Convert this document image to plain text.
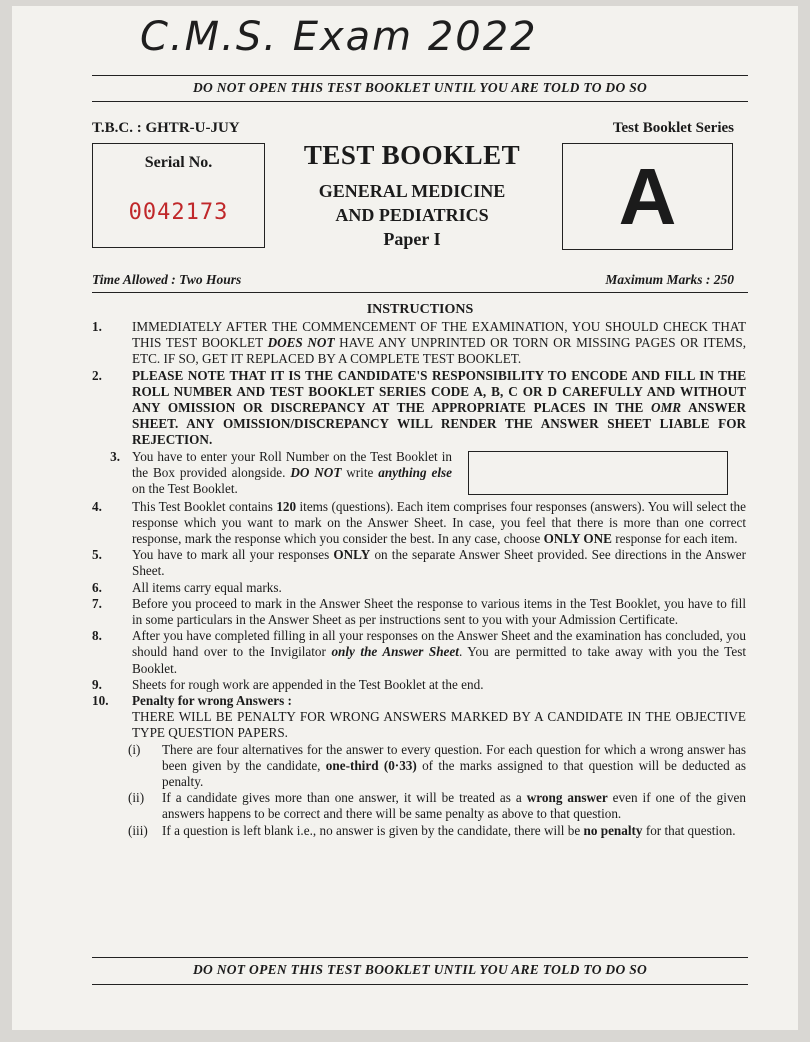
C.M.S. Exam 2022
DO NOT OPEN THIS TEST BOOKLET UNTIL YOU ARE TOLD TO DO SO
T.B.C. : GHTR-U-JUY	Test Booklet Series
Serial No.
0042173
TEST BOOKLET
GENERAL MEDICINE
AND PEDIATRICS
Paper I	A
Time Allowed : Two Hours	Maximum Marks : 250
INSTRUCTIONS
1.	IMMEDIATELY AFTER THE COMMENCEMENT OF THE EXAMINATION, YOU SHOULD CHECK THAT THIS TEST BOOKLET DOES NOT HAVE ANY UNPRINTED OR TORN OR MISSING PAGES OR ITEMS, ETC. IF SO, GET IT REPLACED BY A COMPLETE TEST BOOKLET.
2.	PLEASE NOTE THAT IT IS THE CANDIDATE'S RESPONSIBILITY TO ENCODE AND FILL IN THE ROLL NUMBER AND TEST BOOKLET SERIES CODE A, B, C OR D CAREFULLY AND WITHOUT ANY OMISSION OR DISCREPANCY AT THE APPROPRIATE PLACES IN THE OMR ANSWER SHEET. ANY OMISSION/DISCREPANCY WILL RENDER THE ANSWER SHEET LIABLE FOR REJECTION.
3. You have to enter your Roll Number on the Test Booklet in the Box provided alongside. DO NOT write anything else on the Test Booklet.
4.	This Test Booklet contains 120 items (questions). Each item comprises four responses (answers). You will select the response which you want to mark on the Answer Sheet. In case, you feel that there is more than one correct response, mark the response which you consider the best. In any case, choose ONLY ONE response for each item.
5.	You have to mark all your responses ONLY on the separate Answer Sheet provided. See directions in the Answer Sheet.
6.	All items carry equal marks.
7.	Before you proceed to mark in the Answer Sheet the response to various items in the Test Booklet, you have to fill in some particulars in the Answer Sheet as per instructions sent to you with your Admission Certificate.
8.	After you have completed filling in all your responses on the Answer Sheet and the examination has concluded, you should hand over to the Invigilator only the Answer Sheet. You are permitted to take away with you the Test Booklet.
9.	Sheets for rough work are appended in the Test Booklet at the end.
10.	Penalty for wrong Answers :
THERE WILL BE PENALTY FOR WRONG ANSWERS MARKED BY A CANDIDATE IN THE OBJECTIVE TYPE QUESTION PAPERS.
(i)	There are four alternatives for the answer to every question. For each question for which a wrong answer has been given by the candidate, one-third (0·33) of the marks assigned to that question will be deducted as penalty.
(ii)	If a candidate gives more than one answer, it will be treated as a wrong answer even if one of the given answers happens to be correct and there will be same penalty as above to that question.
(iii)	If a question is left blank i.e., no answer is given by the candidate, there will be no penalty for that question.
DO NOT OPEN THIS TEST BOOKLET UNTIL YOU ARE TOLD TO DO SO
